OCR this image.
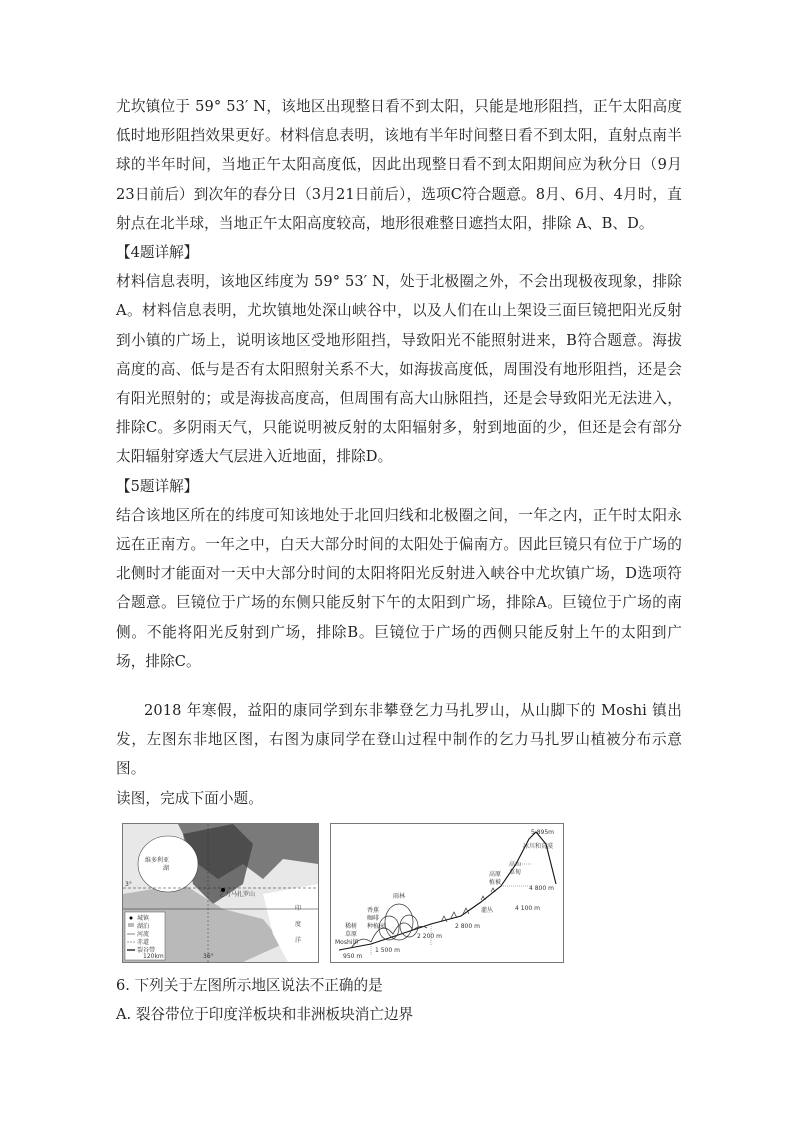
尤坎镇位于 59° 53′ N，该地区出现整日看不到太阳，只能是地形阻挡，正午太阳高度低时地形阻挡效果更好。材料信息表明，该地有半年时间整日看不到太阳，直射点南半球的半年时间，当地正午太阳高度低，因此出现整日看不到太阳期间应为秋分日（9月23日前后）到次年的春分日（3月21日前后），选项C符合题意。8月、6月、4月时，直射点在北半球，当地正午太阳高度较高，地形很难整日遮挡太阳，排除 A、B、D。

【4题详解】

材料信息表明，该地区纬度为 59° 53′ N，处于北极圈之外，不会出现极夜现象，排除A。材料信息表明，尤坎镇地处深山峡谷中，以及人们在山上架设三面巨镜把阳光反射到小镇的广场上，说明该地区受地形阻挡，导致阳光不能照射进来，B符合题意。海拔高度的高、低与是否有太阳照射关系不大，如海拔高度低，周围没有地形阻挡，还是会有阳光照射的；或是海拔高度高，但周围有高大山脉阻挡，还是会导致阳光无法进入，排除C。多阴雨天气，只能说明被反射的太阳辐射多，射到地面的少，但还是会有部分太阳辐射穿透大气层进入近地面，排除D。

【5题详解】

结合该地区所在的纬度可知该地处于北回归线和北极圈之间，一年之内，正午时太阳永远在正南方。一年之中，白天大部分时间的太阳处于偏南方。因此巨镜只有位于广场的北侧时才能面对一天中大部分时间的太阳将阳光反射进入峡谷中尤坎镇广场，D选项符合题意。巨镜位于广场的东侧只能反射下午的太阳到广场，排除A。巨镜位于广场的南侧。不能将阳光反射到广场，排除B。巨镜位于广场的西侧只能反射上午的太阳到广场，排除C。

2018 年寒假，益阳的康同学到东非攀登乞力马扎罗山，从山脚下的 Moshi 镇出发，左图东非地区图，右图为康同学在登山过程中制作的乞力马扎罗山植被分布示意图。

读图，完成下面小题。

维多利亚
湖
乞力马扎罗山
印
度
洋
3°
36°
120km
城镇
湖泊
河流
赤道
裂谷带
5 895m
冰川和荒漠
高山
草甸
高原
植被
4 800 m
4 100 m
灌丛
雨林
香蕉
咖啡
种植园
稀树
草原
Moshi镇
2 800 m
2 200 m
1 500 m
950 m

6. 下列关于左图所示地区说法不正确的是

A. 裂谷带位于印度洋板块和非洲板块消亡边界
